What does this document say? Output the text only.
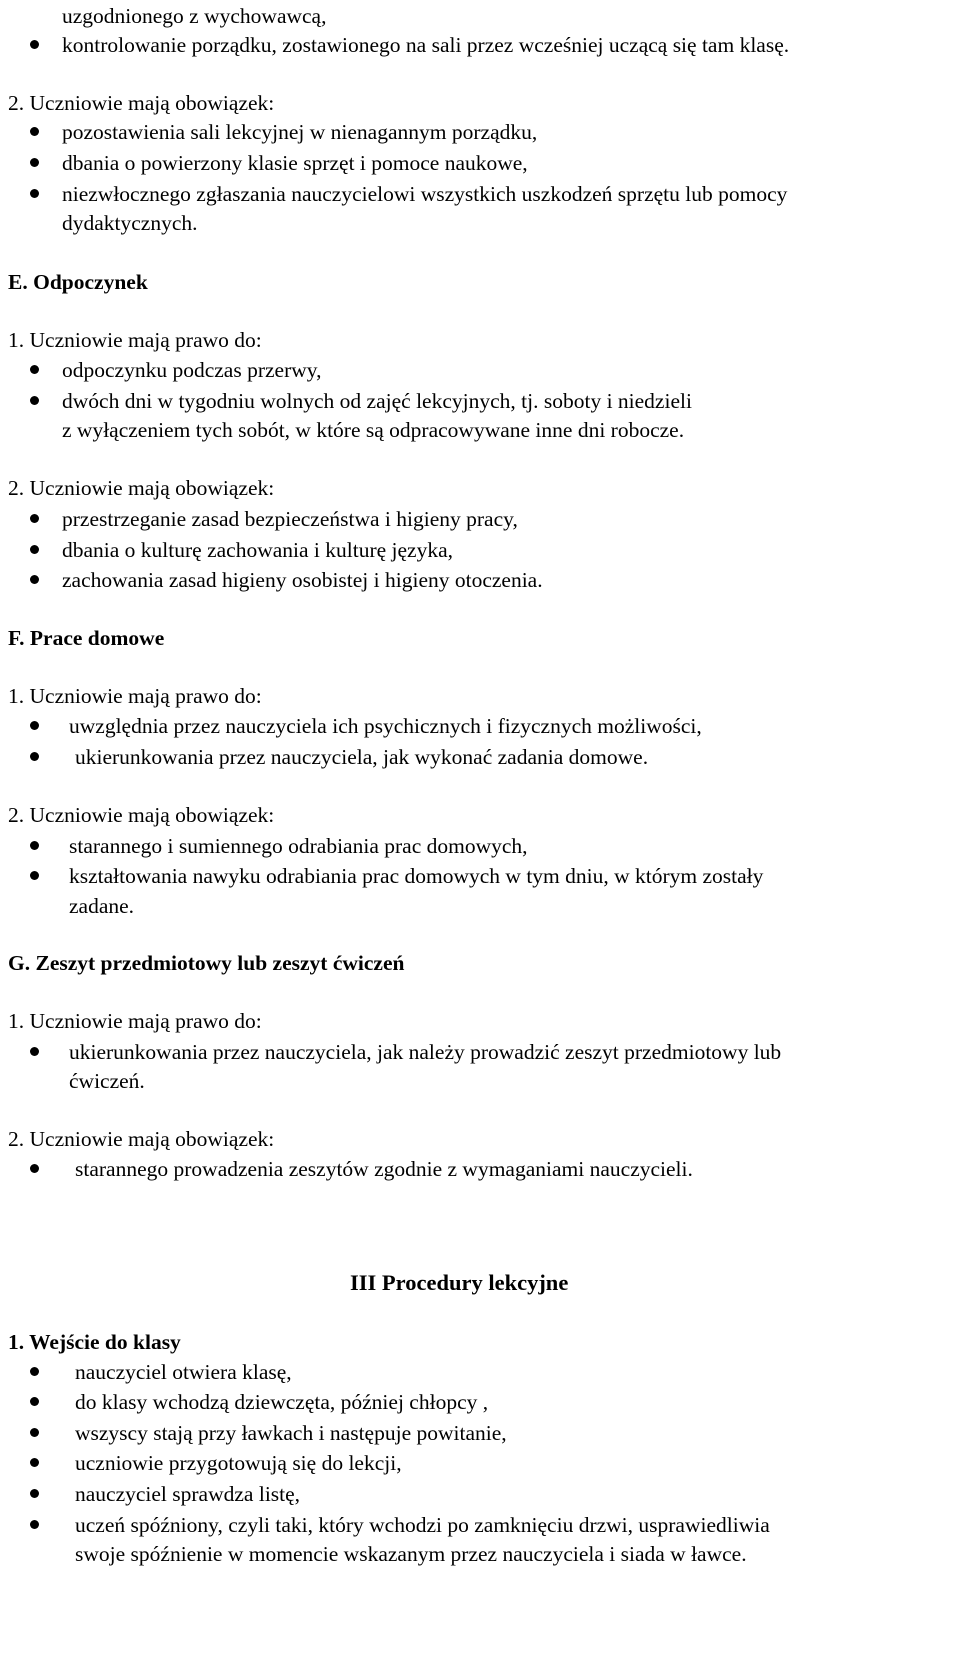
uzgodnionego z wychowawcą,
kontrolowanie porządku, zostawionego na sali przez wcześniej uczącą się tam klasę.
2. Uczniowie mają obowiązek:
pozostawienia sali lekcyjnej w nienagannym porządku,
dbania o powierzony klasie sprzęt i pomoce naukowe,
niezwłocznego zgłaszania nauczycielowi wszystkich uszkodzeń sprzętu lub pomocy
dydaktycznych.
E. Odpoczynek
1. Uczniowie mają prawo do:
odpoczynku podczas przerwy,
dwóch dni w tygodniu wolnych od zajęć lekcyjnych, tj. soboty i niedzieli
z wyłączeniem tych sobót, w które są odpracowywane inne dni robocze.
2. Uczniowie mają obowiązek:
przestrzeganie zasad bezpieczeństwa i higieny pracy,
dbania o kulturę zachowania i kulturę języka,
zachowania zasad higieny osobistej i higieny otoczenia.
F. Prace domowe
1. Uczniowie mają prawo do:
uwzględnia przez nauczyciela ich psychicznych i fizycznych możliwości,
ukierunkowania przez nauczyciela, jak wykonać zadania domowe.
2. Uczniowie mają obowiązek:
starannego i sumiennego odrabiania prac domowych,
kształtowania nawyku odrabiania prac domowych w tym dniu, w którym zostały
zadane.
G. Zeszyt przedmiotowy lub zeszyt ćwiczeń
1. Uczniowie mają prawo do:
ukierunkowania przez nauczyciela, jak należy prowadzić zeszyt przedmiotowy lub
ćwiczeń.
2. Uczniowie mają obowiązek:
starannego prowadzenia zeszytów zgodnie z wymaganiami nauczycieli.
III Procedury lekcyjne
1. Wejście do klasy
nauczyciel otwiera klasę,
do klasy wchodzą dziewczęta, później chłopcy ,
wszyscy stają przy ławkach i następuje powitanie,
uczniowie przygotowują się do lekcji,
nauczyciel sprawdza listę,
uczeń spóźniony, czyli taki, który wchodzi po zamknięciu drzwi, usprawiedliwia
swoje spóźnienie w momencie wskazanym przez nauczyciela i siada w ławce.
